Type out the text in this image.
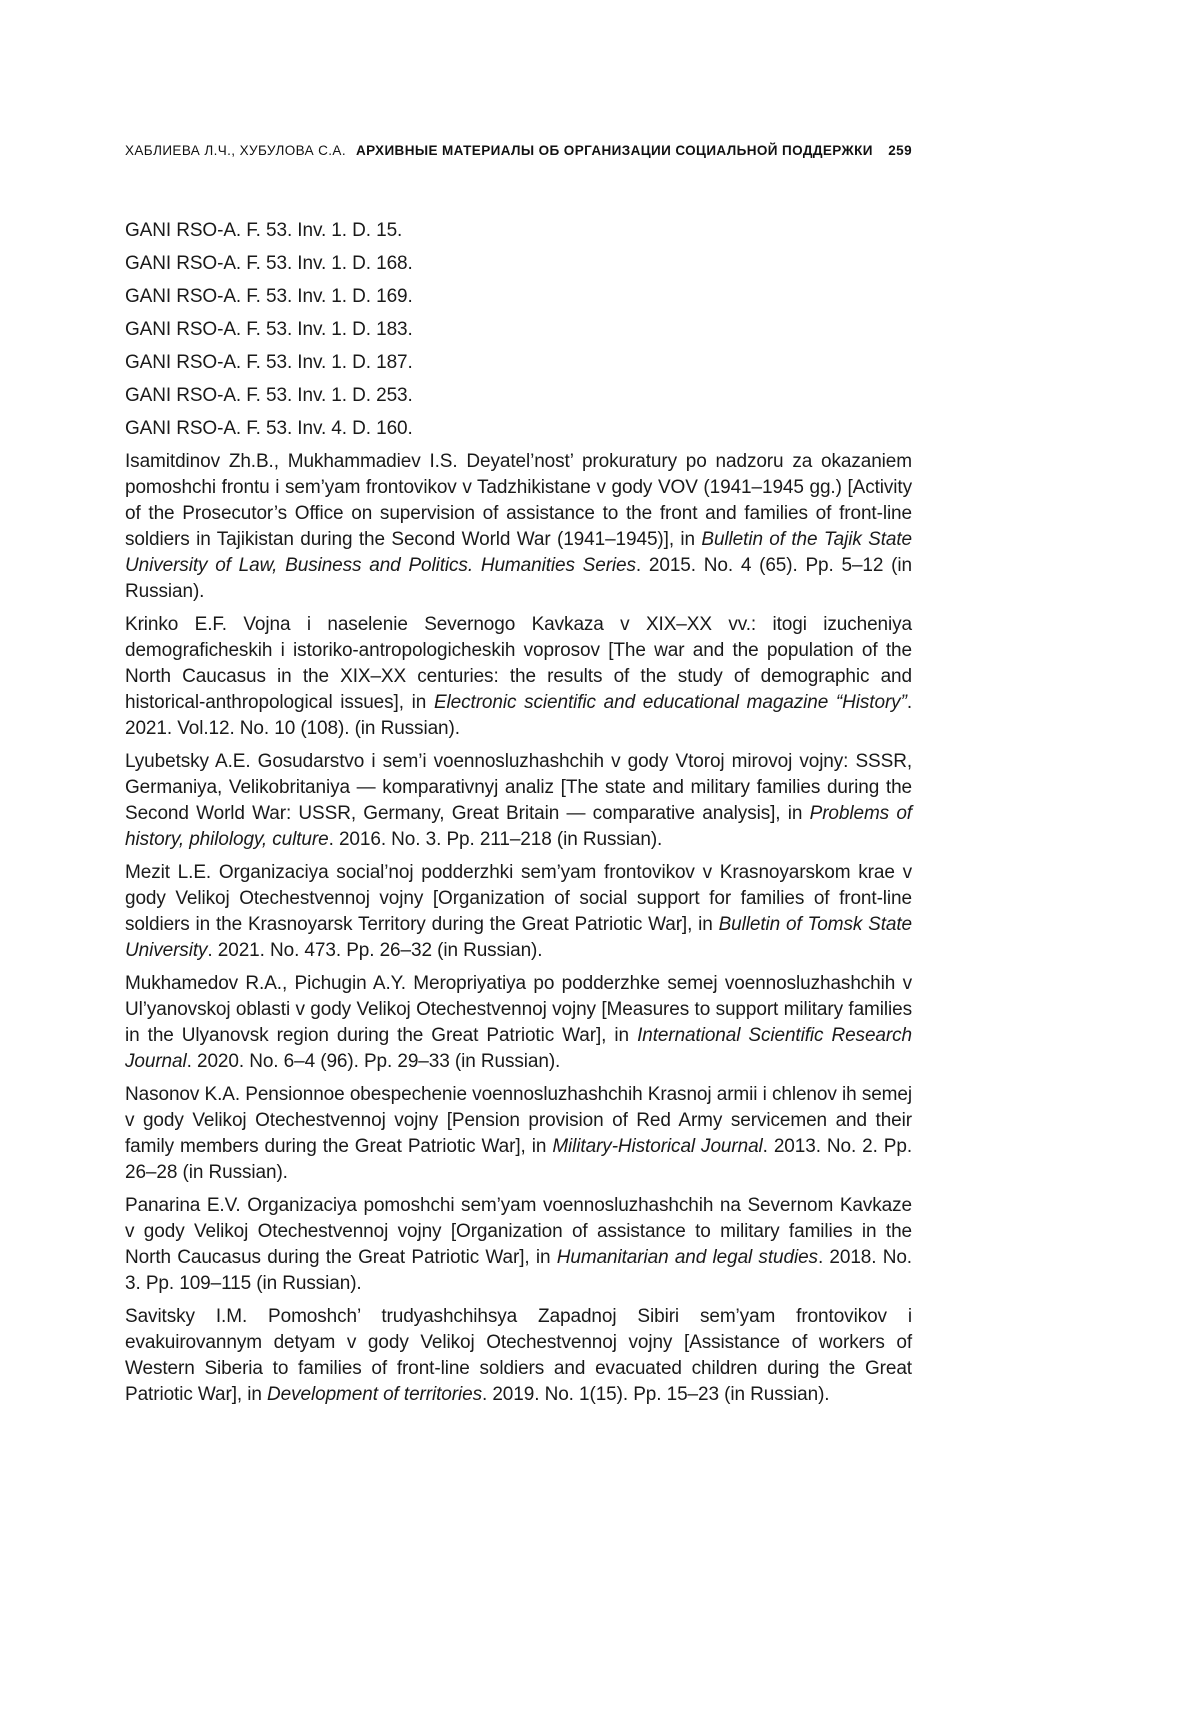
ХАБЛИЕВА Л.Ч., ХУБУЛОВА С.А. АРХИВНЫЕ МАТЕРИАЛЫ ОБ ОРГАНИЗАЦИИ СОЦИАЛЬНОЙ ПОДДЕРЖКИ 259

GANI RSO-A. F. 53. Inv. 1. D. 15.

GANI RSO-A. F. 53. Inv. 1. D. 168.

GANI RSO-A. F. 53. Inv. 1. D. 169.

GANI RSO-A. F. 53. Inv. 1. D. 183.

GANI RSO-A. F. 53. Inv. 1. D. 187.

GANI RSO-A. F. 53. Inv. 1. D. 253.

GANI RSO-A. F. 53. Inv. 4. D. 160.

Isamitdinov Zh.B., Mukhammadiev I.S. Deyatel’nost’ prokuratury po nadzoru za okazaniem pomoshchi frontu i sem’yam frontovikov v Tadzhikistane v gody VOV (1941–1945 gg.) [Activity of the Prosecutor’s Office on supervision of assistance to the front and families of front-line soldiers in Tajikistan during the Second World War (1941–1945)], in Bulletin of the Tajik State University of Law, Business and Politics. Humanities Series. 2015. No. 4 (65). Pp. 5–12 (in Russian).

Krinko E.F. Vojna i naselenie Severnogo Kavkaza v XIX–XX vv.: itogi izucheniya demograficheskih i istoriko-antropologicheskih voprosov [The war and the population of the North Caucasus in the XIX–XX centuries: the results of the study of demographic and historical-anthropological issues], in Electronic scientific and educational magazine “History”. 2021. Vol.12. No. 10 (108). (in Russian).

Lyubetsky A.E. Gosudarstvo i sem’i voennosluzhashchih v gody Vtoroj mirovoj vojny: SSSR, Germaniya, Velikobritaniya — komparativnyj analiz [The state and military families during the Second World War: USSR, Germany, Great Britain — comparative analysis], in Problems of history, philology, culture. 2016. No. 3. Pp. 211–218 (in Russian).

Mezit L.E. Organizaciya social’noj podderzhki sem’yam frontovikov v Krasnoyarskom krae v gody Velikoj Otechestvennoj vojny [Organization of social support for families of front-line soldiers in the Krasnoyarsk Territory during the Great Patriotic War], in Bulletin of Tomsk State University. 2021. No. 473. Pp. 26–32 (in Russian).

Mukhamedov R.A., Pichugin A.Y. Meropriyatiya po podderzhke semej voennosluzhashchih v Ul’yanovskoj oblasti v gody Velikoj Otechestvennoj vojny [Measures to support military families in the Ulyanovsk region during the Great Patriotic War], in International Scientific Research Journal. 2020. No. 6–4 (96). Pp. 29–33 (in Russian).

Nasonov K.A. Pensionnoe obespechenie voennosluzhashchih Krasnoj armii i chlenov ih semej v gody Velikoj Otechestvennoj vojny [Pension provision of Red Army servicemen and their family members during the Great Patriotic War], in Military-Historical Journal. 2013. No. 2. Pp. 26–28 (in Russian).

Panarina E.V. Organizaciya pomoshchi sem’yam voennosluzhashchih na Severnom Kavkaze v gody Velikoj Otechestvennoj vojny [Organization of assistance to military families in the North Caucasus during the Great Patriotic War], in Humanitarian and legal studies. 2018. No. 3. Pp. 109–115 (in Russian).

Savitsky I.M. Pomoshch’ trudyashchihsya Zapadnoj Sibiri sem’yam frontovikov i evakuirovannym detyam v gody Velikoj Otechestvennoj vojny [Assistance of workers of Western Siberia to families of front-line soldiers and evacuated children during the Great Patriotic War], in Development of territories. 2019. No. 1(15). Pp. 15–23 (in Russian).
